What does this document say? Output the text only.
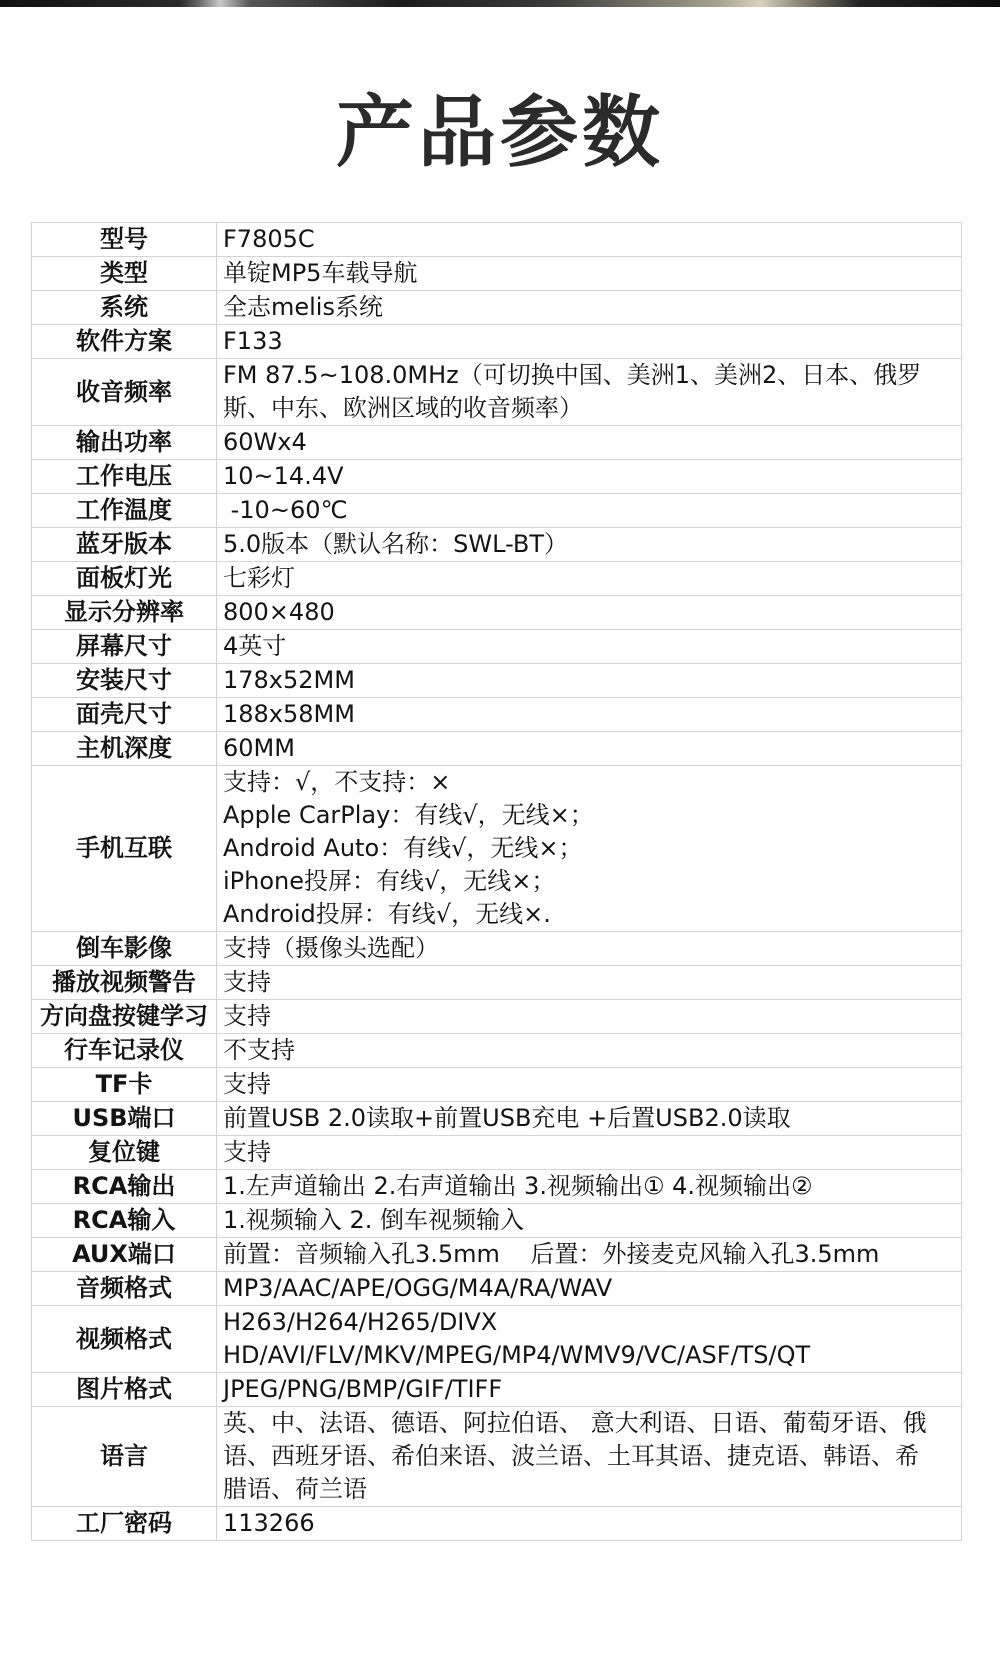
产品参数
型号	F7805C
类型	单锭MP5车载导航
系统	全志melis系统
软件方案	F133
收音频率	FM 87.5~108.0MHz（可切换中国、美洲1、美洲2、日本、俄罗
斯、中东、欧洲区域的收音频率）

输出功率	60Wx4
工作电压	10~14.4V
工作温度	-10~60℃
蓝牙版本	5.0版本（默认名称：SWL-BT）
面板灯光	七彩灯
显示分辨率	800×480
屏幕尺寸	4英寸
安装尺寸	178x52MM
面壳尺寸	188x58MM
主机深度	60MM
手机互联	支持：√，不支持：×
Apple CarPlay：有线√，无线×；
Android Auto：有线√，无线×；
iPhone投屏：有线√，无线×；
Android投屏：有线√，无线×.

倒车影像	支持（摄像头选配）
播放视频警告	支持
方向盘按键学习	支持
行车记录仪	不支持
TF卡	支持
USB端口	前置USB 2.0读取+前置USB充电 +后置USB2.0读取
复位键	支持
RCA输出	1.左声道输出 2.右声道输出 3.视频输出① 4.视频输出②
RCA输入	1.视频输入 2. 倒车视频输入
AUX端口	前置：音频输入孔3.5mm    后置：外接麦克风输入孔3.5mm
音频格式	MP3/AAC/APE/OGG/M4A/RA/WAV
视频格式	H263/H264/H265/DIVX
HD/AVI/FLV/MKV/MPEG/MP4/WMV9/VC/ASF/TS/QT

图片格式	JPEG/PNG/BMP/GIF/TIFF
语言	英、中、法语、德语、阿拉伯语、 意大利语、日语、葡萄牙语、俄
语、西班牙语、希伯来语、波兰语、土耳其语、捷克语、韩语、希
腊语、荷兰语

工厂密码	113266
